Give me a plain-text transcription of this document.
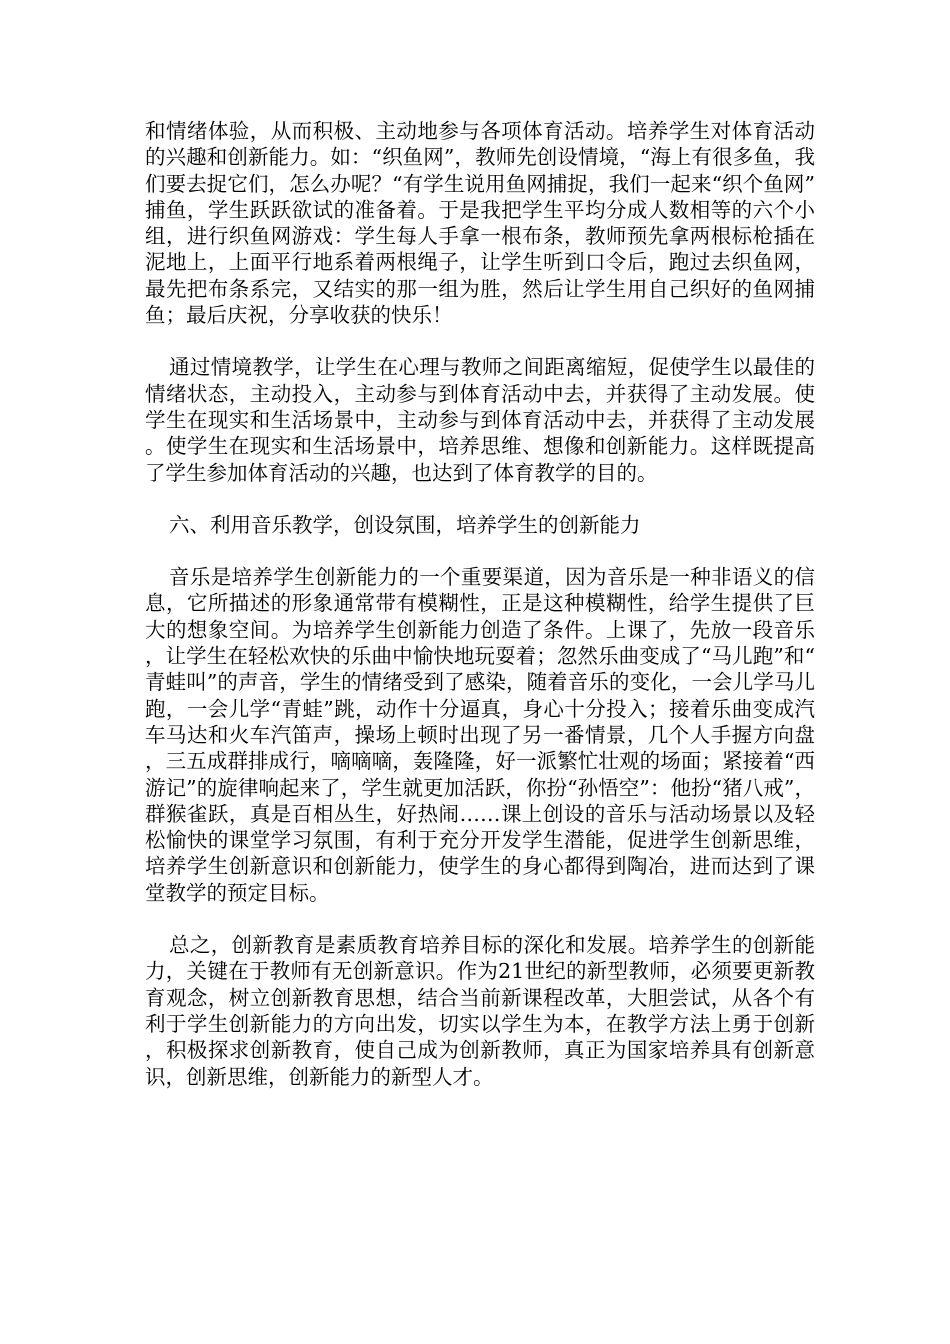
和情绪体验，从而积极、主动地参与各项体育活动。培养学生对体育活动的兴趣和创新能力。如：“织鱼网”，教师先创设情境，“海上有很多鱼，我们要去捉它们，怎么办呢？“有学生说用鱼网捕捉，我们一起来“织个鱼网”捕鱼，学生跃跃欲试的准备着。于是我把学生平均分成人数相等的六个小组，进行织鱼网游戏：学生每人手拿一根布条，教师预先拿两根标枪插在泥地上，上面平行地系着两根绳子，让学生听到口令后，跑过去织鱼网，最先把布条系完，又结实的那一组为胜，然后让学生用自己织好的鱼网捕鱼；最后庆祝，分享收获的快乐！

通过情境教学，让学生在心理与教师之间距离缩短，促使学生以最佳的情绪状态，主动投入，主动参与到体育活动中去，并获得了主动发展。使学生在现实和生活场景中，主动参与到体育活动中去，并获得了主动发展。使学生在现实和生活场景中，培养思维、想像和创新能力。这样既提高了学生参加体育活动的兴趣，也达到了体育教学的目的。

六、利用音乐教学，创设氛围，培养学生的创新能力

音乐是培养学生创新能力的一个重要渠道，因为音乐是一种非语义的信息，它所描述的形象通常带有模糊性，正是这种模糊性，给学生提供了巨大的想象空间。为培养学生创新能力创造了条件。上课了，先放一段音乐，让学生在轻松欢快的乐曲中愉快地玩耍着；忽然乐曲变成了“马儿跑”和“青蛙叫”的声音，学生的情绪受到了感染，随着音乐的变化，一会儿学马儿跑，一会儿学“青蛙”跳，动作十分逼真，身心十分投入；接着乐曲变成汽车马达和火车汽笛声，操场上顿时出现了另一番情景，几个人手握方向盘，三五成群排成行，嘀嘀嘀，轰隆隆，好一派繁忙壮观的场面；紧接着“西游记”的旋律响起来了，学生就更加活跃，你扮“孙悟空”：他扮“猪八戒”，群猴雀跃，真是百相丛生，好热闹……课上创设的音乐与活动场景以及轻松愉快的课堂学习氛围，有利于充分开发学生潜能，促进学生创新思维，培养学生创新意识和创新能力，使学生的身心都得到陶冶，进而达到了课堂教学的预定目标。

总之，创新教育是素质教育培养目标的深化和发展。培养学生的创新能力，关键在于教师有无创新意识。作为21世纪的新型教师，必须要更新教育观念，树立创新教育思想，结合当前新课程改革，大胆尝试，从各个有利于学生创新能力的方向出发，切实以学生为本，在教学方法上勇于创新，积极探求创新教育，使自己成为创新教师，真正为国家培养具有创新意识，创新思维，创新能力的新型人才。
